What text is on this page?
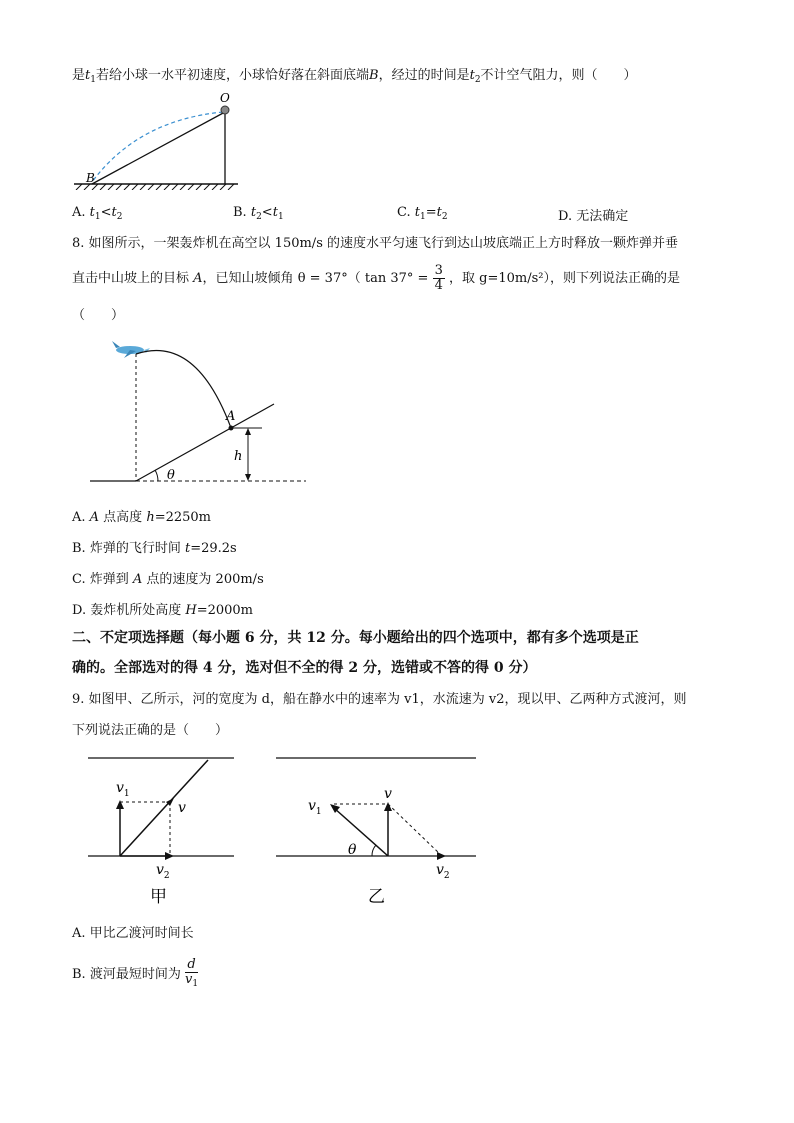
是$t_1$若给小球一水平初速度，小球恰好落在斜面底端B，经过的时间是$t_2$不计空气阻力，则（　　）
O
B
A. $t_1<t_2$	B. $t_2<t_1$	C. $t_1=t_2$	D. 无法确定
8. 如图所示，一架轰炸机在高空以 150m/s 的速度水平匀速飞行到达山坡底端正上方时释放一颗炸弹并垂
直击中山坡上的目标 A，已知山坡倾角 θ = 37°（ $\tan 37^\circ = \frac{3}{4}$ ，取 g=10m/s²），则下列说法正确的是
（　　）
A
h
θ
A. A 点高度 h=2250m
B. 炸弹的飞行时间 t=29.2s
C. 炸弹到 A 点的速度为 200m/s
D. 轰炸机所处高度 H=2000m
二、不定项选择题（每小题 6 分，共 12 分。每小题给出的四个选项中，都有多个选项是正
确的。全部选对的得 4 分，选对但不全的得 2 分，选错或不答的得 0 分）
9. 如图甲、乙所示，河的宽度为 d，船在静水中的速率为 v1，水流速为 v2，现以甲、乙两种方式渡河，则
下列说法正确的是（　　）
$v_1$
v
$v_2$
甲
$v_1$
v
θ
$v_2$
乙
A. 甲比乙渡河时间长
B. 渡河最短时间为 $\frac{d}{v_1}$
